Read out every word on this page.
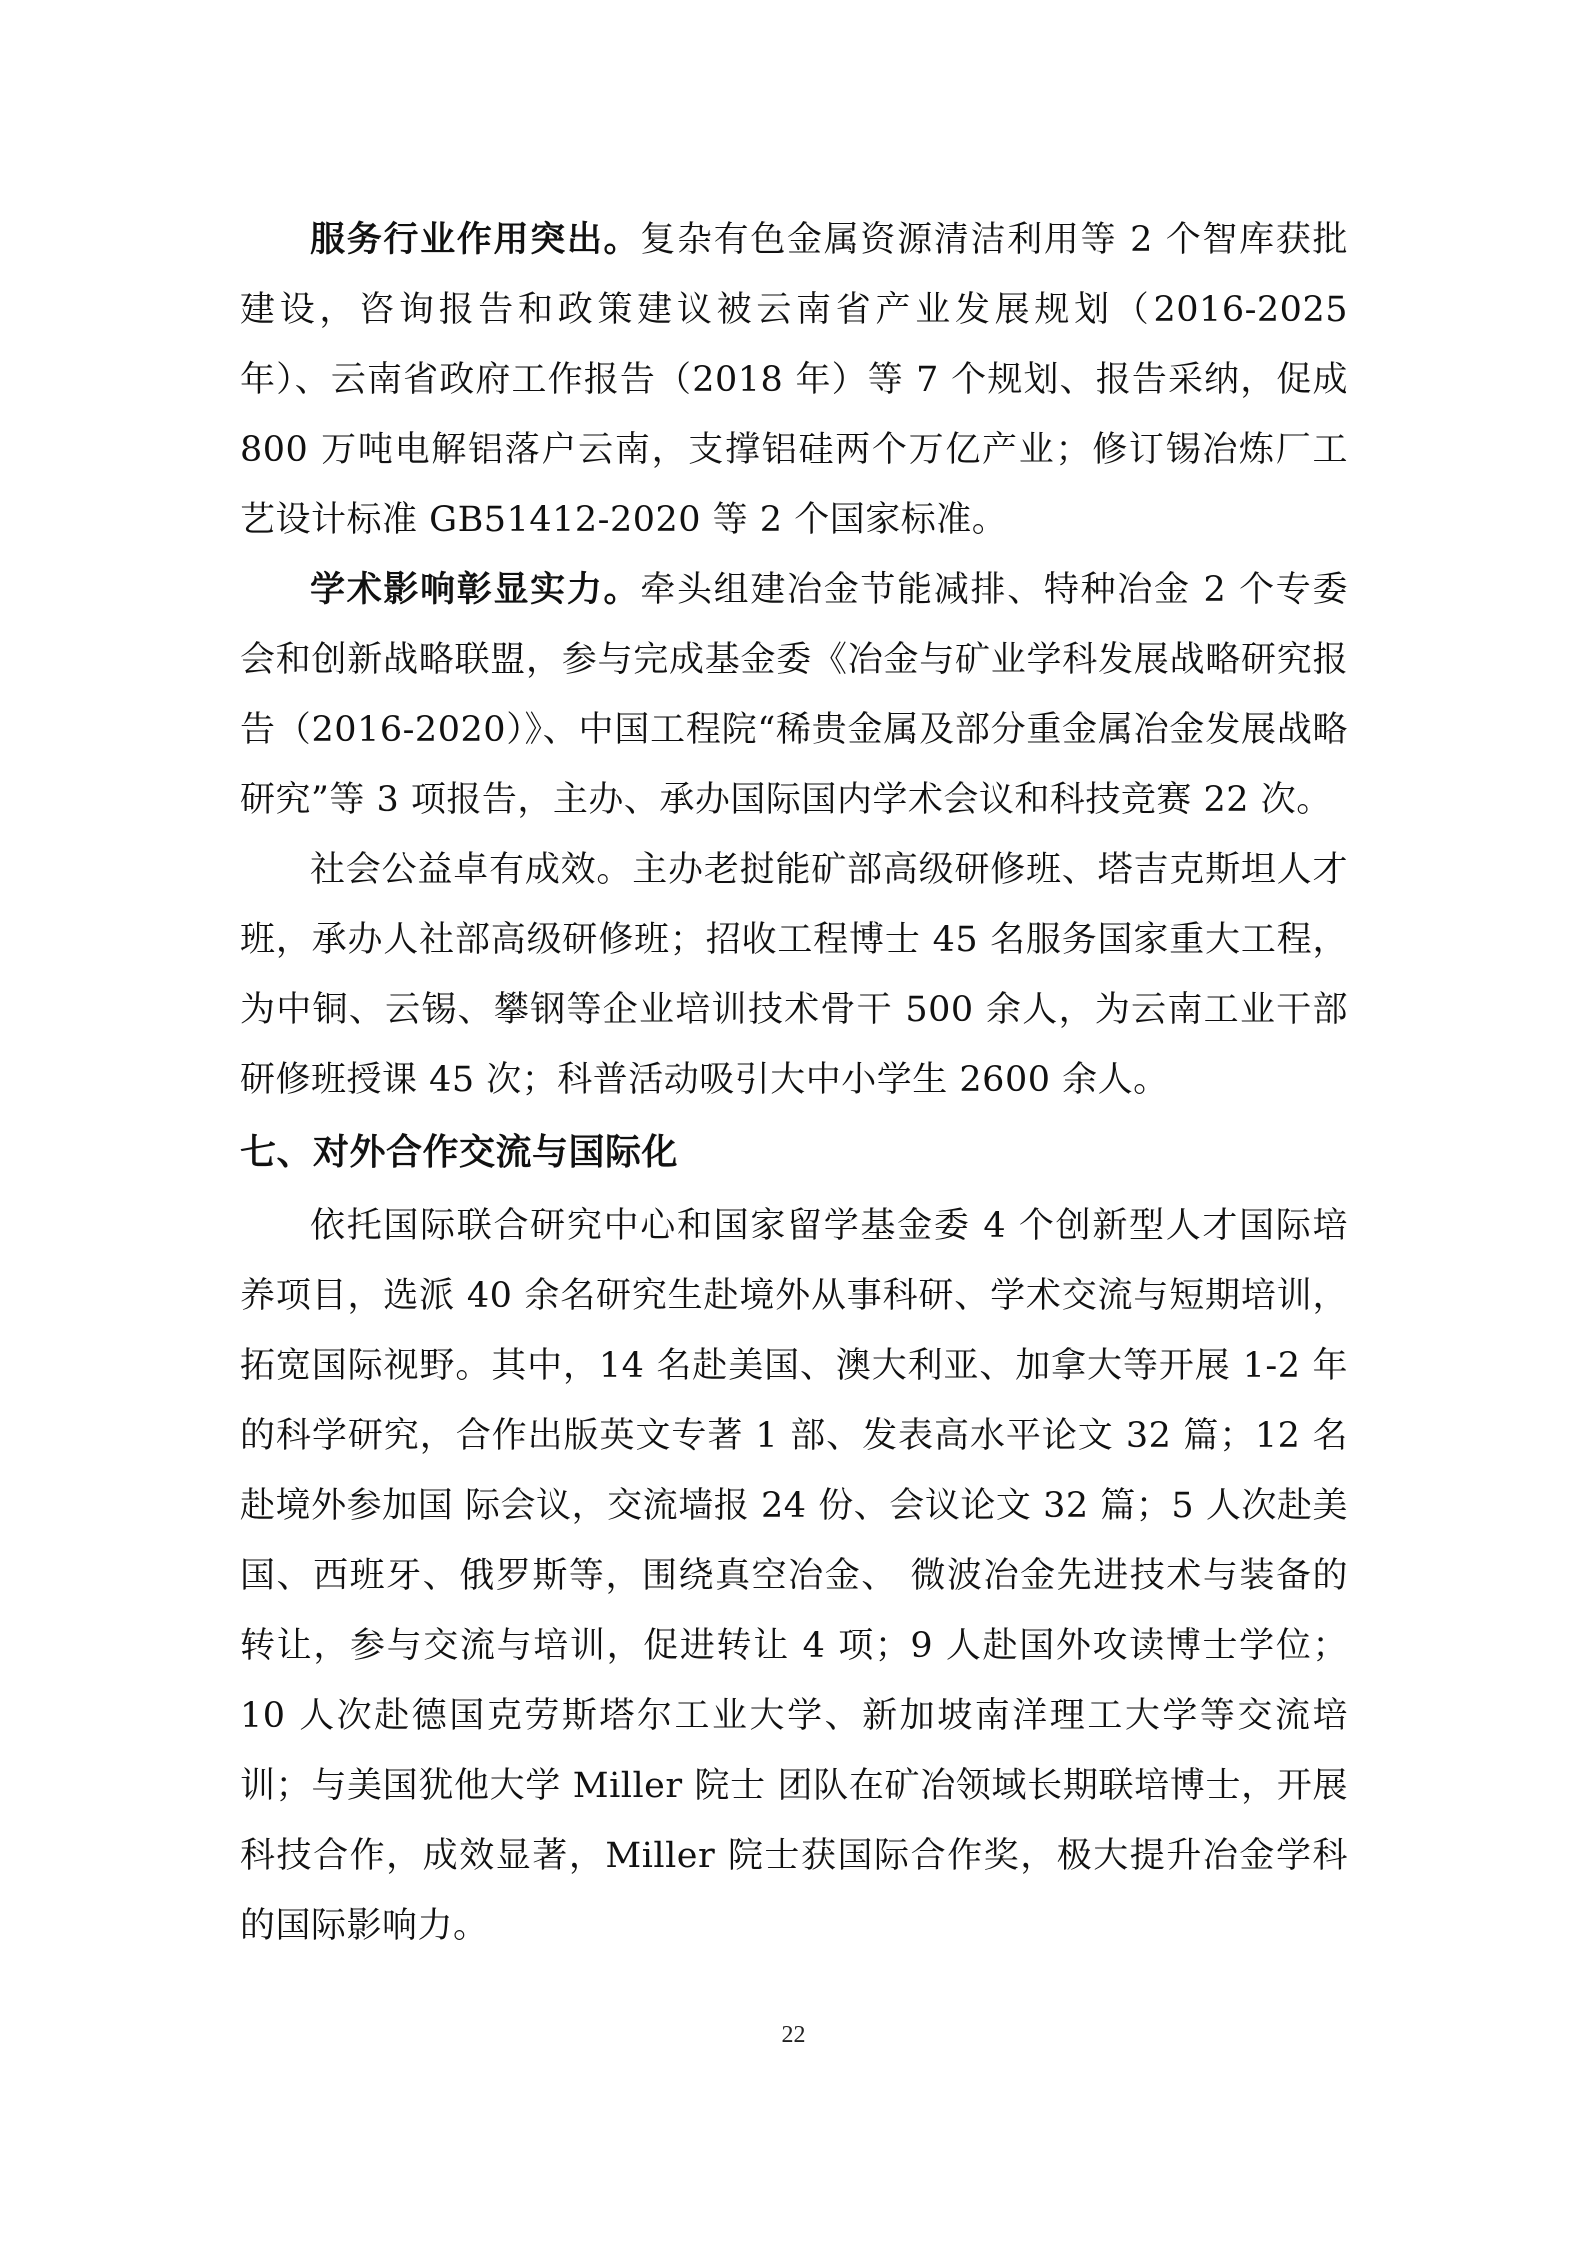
服务行业作用突出。复杂有色金属资源清洁利用等 2 个智库获批建设，咨询报告和政策建议被云南省产业发展规划（2016-2025 年）、云南省政府工作报告（2018 年）等 7 个规划、报告采纳，促成 800 万吨电解铝落户云南，支撑铝硅两个万亿产业；修订锡冶炼厂工艺设计标准 GB51412-2020 等 2 个国家标准。

学术影响彰显实力。牵头组建冶金节能减排、特种冶金 2 个专委会和创新战略联盟，参与完成基金委《冶金与矿业学科发展战略研究报告（2016-2020）》、中国工程院“稀贵金属及部分重金属冶金发展战略研究”等 3 项报告，主办、承办国际国内学术会议和科技竞赛 22 次。

社会公益卓有成效。主办老挝能矿部高级研修班、塔吉克斯坦人才班，承办人社部高级研修班；招收工程博士 45 名服务国家重大工程，为中铜、云锡、攀钢等企业培训技术骨干 500 余人，为云南工业干部研修班授课 45 次；科普活动吸引大中小学生 2600 余人。

七、对外合作交流与国际化

依托国际联合研究中心和国家留学基金委 4 个创新型人才国际培养项目，选派 40 余名研究生赴境外从事科研、学术交流与短期培训，拓宽国际视野。其中，14 名赴美国、澳大利亚、加拿大等开展 1-2 年的科学研究，合作出版英文专著 1 部、发表高水平论文 32 篇；12 名赴境外参加国 际会议，交流墙报 24 份、会议论文 32 篇；5 人次赴美国、西班牙、俄罗斯等，围绕真空冶金、 微波冶金先进技术与装备的转让，参与交流与培训，促进转让 4 项；9 人赴国外攻读博士学位；10 人次赴德国克劳斯塔尔工业大学、新加坡南洋理工大学等交流培训；与美国犹他大学 Miller 院士 团队在矿冶领域长期联培博士，开展科技合作，成效显著，Miller 院士获国际合作奖，极大提升冶金学科的国际影响力。

22
